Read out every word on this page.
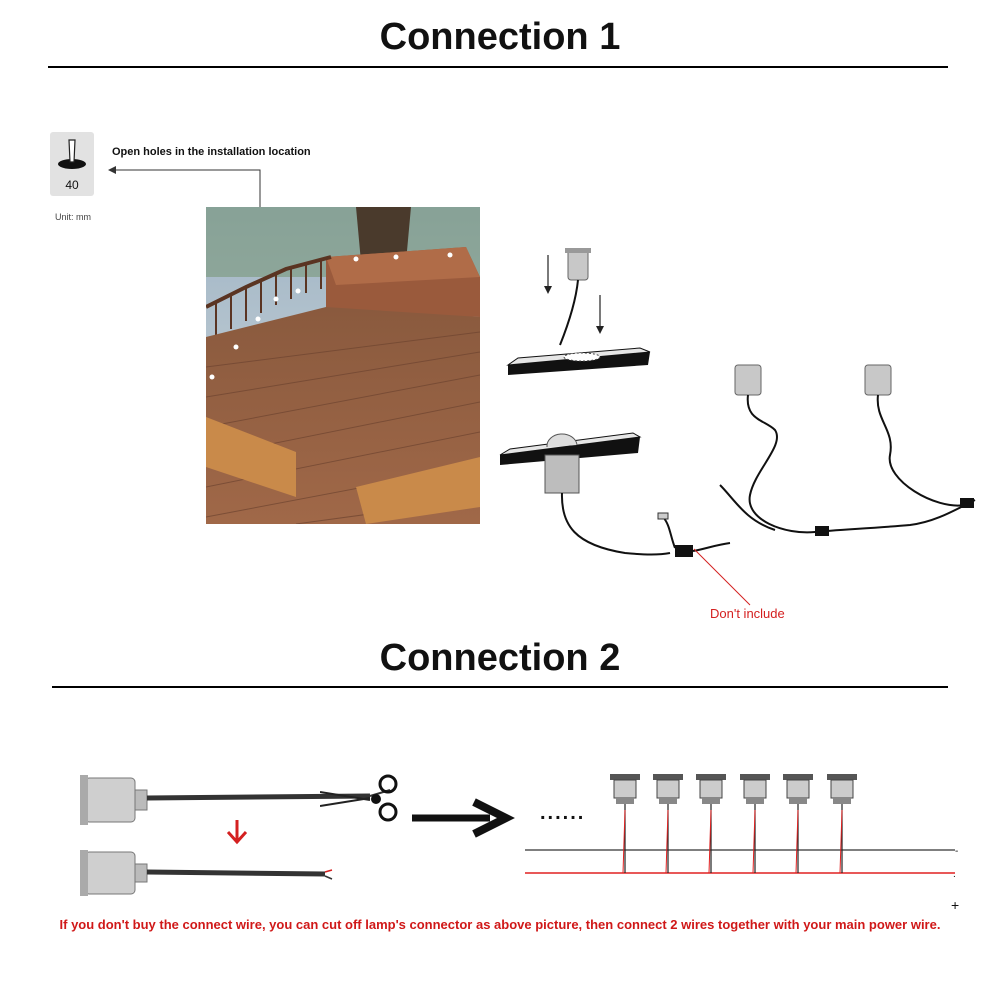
Connection 1
40
Unit: mm
Open holes in the installation location
Don't include
Connection 2
......
-
.
+
If you don't buy the connect wire, you can cut off lamp's connector as above picture, then connect 2 wires together with your main power wire.
